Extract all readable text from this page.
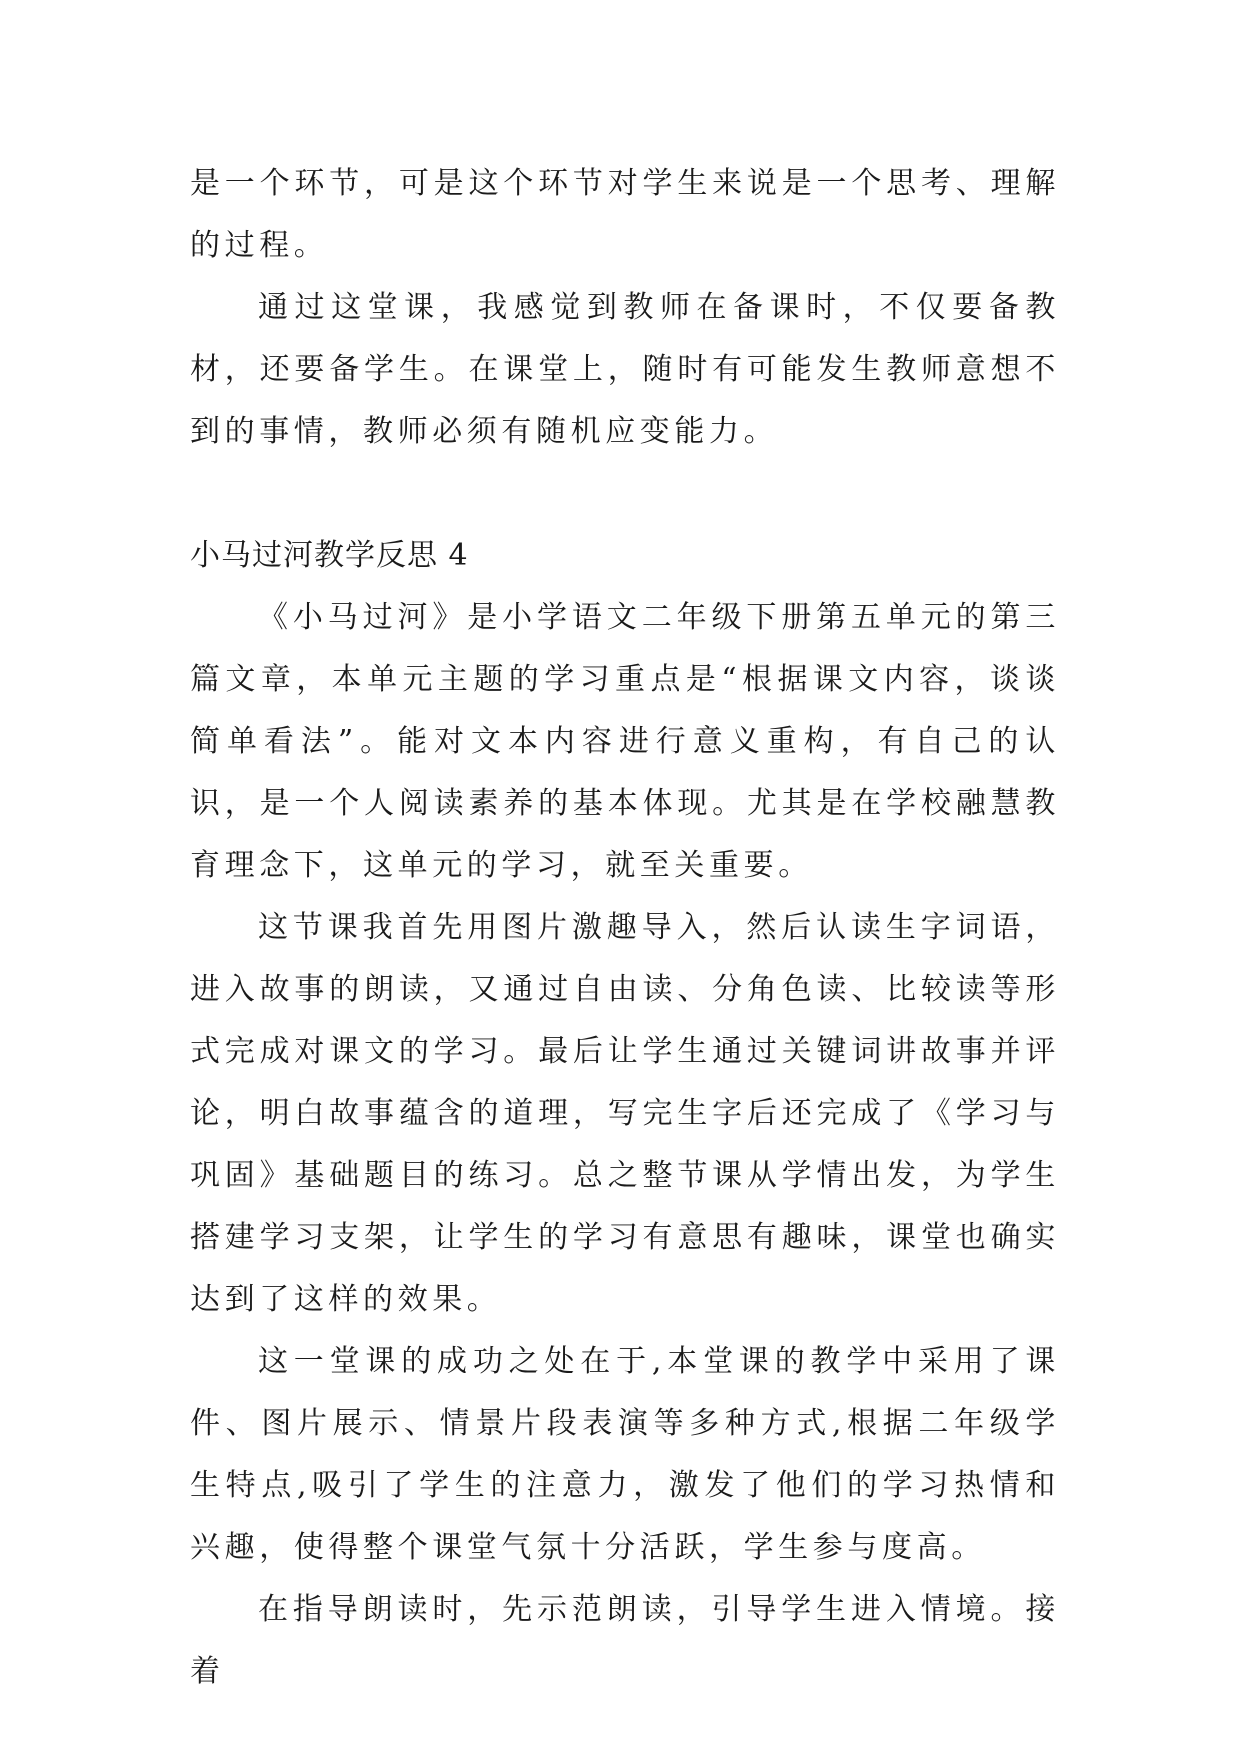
是一个环节，可是这个环节对学生来说是一个思考、理解的过程。

通过这堂课，我感觉到教师在备课时，不仅要备教材，还要备学生。在课堂上，随时有可能发生教师意想不到的事情，教师必须有随机应变能力。

小马过河教学反思 4

《小马过河》是小学语文二年级下册第五单元的第三篇文章，本单元主题的学习重点是“根据课文内容，谈谈简单看法”。能对文本内容进行意义重构，有自己的认识，是一个人阅读素养的基本体现。尤其是在学校融慧教育理念下，这单元的学习，就至关重要。

这节课我首先用图片激趣导入，然后认读生字词语，进入故事的朗读，又通过自由读、分角色读、比较读等形式完成对课文的学习。最后让学生通过关键词讲故事并评论，明白故事蕴含的道理，写完生字后还完成了《学习与巩固》基础题目的练习。总之整节课从学情出发，为学生搭建学习支架，让学生的学习有意思有趣味，课堂也确实达到了这样的效果。

这一堂课的成功之处在于,本堂课的教学中采用了课件、图片展示、情景片段表演等多种方式,根据二年级学生特点,吸引了学生的注意力，激发了他们的学习热情和兴趣，使得整个课堂气氛十分活跃，学生参与度高。

在指导朗读时，先示范朗读，引导学生进入情境。接着
